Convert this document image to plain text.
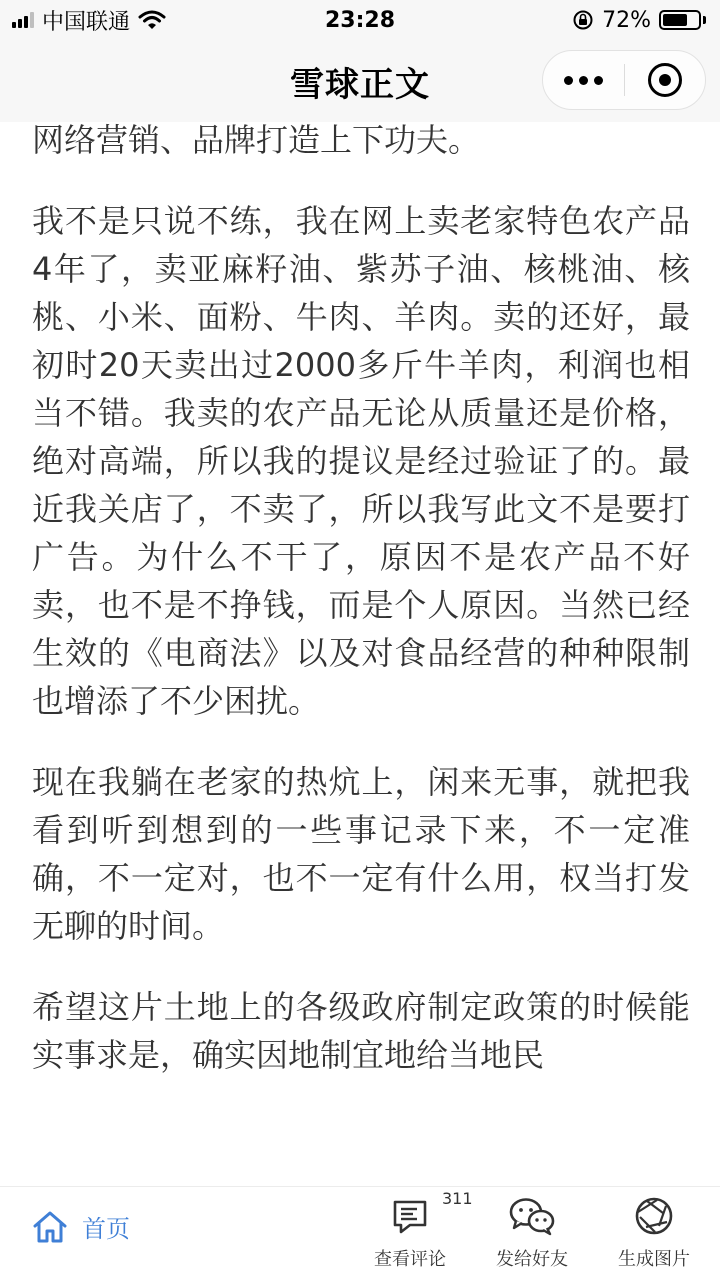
中国联通	23:28	72%
雪球正文

网络营销、品牌打造上下功夫。

我不是只说不练，我在网上卖老家特色农产品4年了，卖亚麻籽油、紫苏子油、核桃油、核桃、小米、面粉、牛肉、羊肉。卖的还好，最初时20天卖出过2000多斤牛羊肉，利润也相当不错。我卖的农产品无论从质量还是价格，绝对高端，所以我的提议是经过验证了的。最近我关店了，不卖了，所以我写此文不是要打广告。为什么不干了，原因不是农产品不好卖，也不是不挣钱，而是个人原因。当然已经生效的《电商法》以及对食品经营的种种限制也增添了不少困扰。

现在我躺在老家的热炕上，闲来无事，就把我看到听到想到的一些事记录下来，不一定准确，不一定对，也不一定有什么用，权当打发无聊的时间。

希望这片土地上的各级政府制定政策的时候能实事求是，确实因地制宜地给当地民

首页
311
查看评论	发给好友	生成图片
